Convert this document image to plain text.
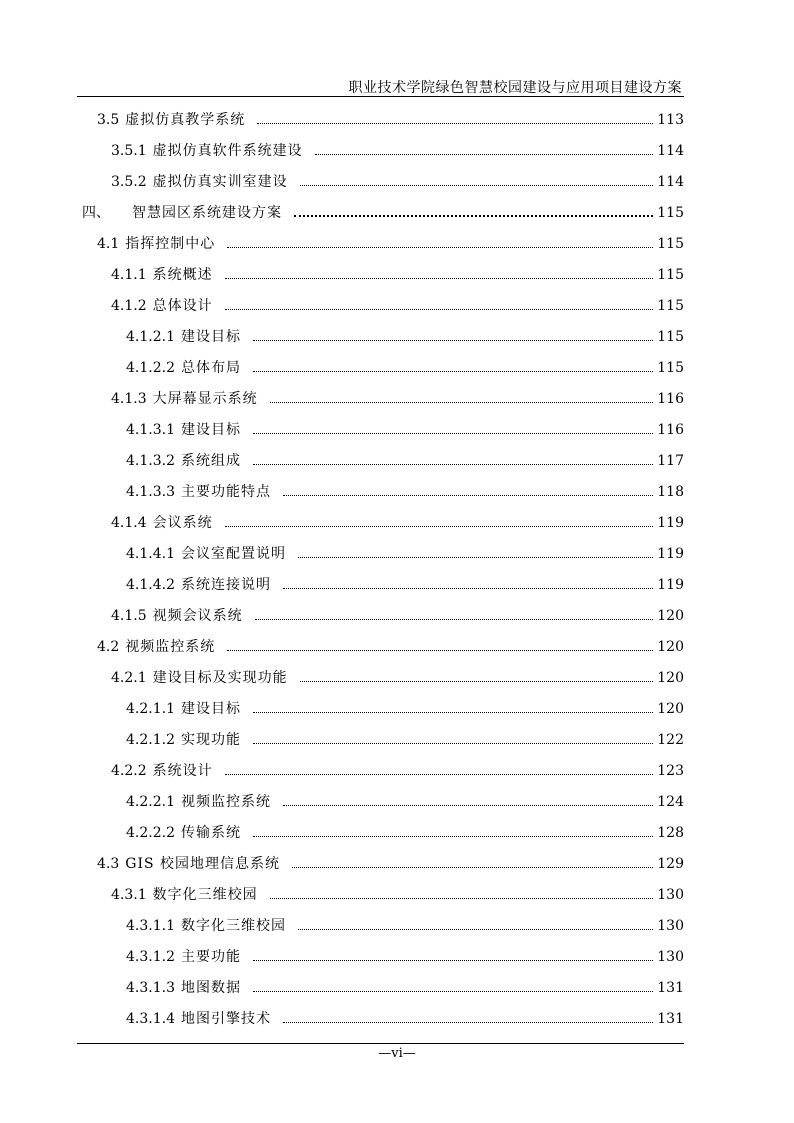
职业技术学院绿色智慧校园建设与应用项目建设方案
3.5 虚拟仿真教学系统	113
3.5.1 虚拟仿真软件系统建设	114
3.5.2 虚拟仿真实训室建设	114
四、 智慧园区系统建设方案	115
4.1 指挥控制中心	115
4.1.1 系统概述	115
4.1.2 总体设计	115
4.1.2.1 建设目标	115
4.1.2.2 总体布局	115
4.1.3 大屏幕显示系统	116
4.1.3.1 建设目标	116
4.1.3.2 系统组成	117
4.1.3.3 主要功能特点	118
4.1.4 会议系统	119
4.1.4.1 会议室配置说明	119
4.1.4.2 系统连接说明	119
4.1.5 视频会议系统	120
4.2 视频监控系统	120
4.2.1 建设目标及实现功能	120
4.2.1.1 建设目标	120
4.2.1.2 实现功能	122
4.2.2 系统设计	123
4.2.2.1 视频监控系统	124
4.2.2.2 传输系统	128
4.3 GIS 校园地理信息系统	129
4.3.1 数字化三维校园	130
4.3.1.1 数字化三维校园	130
4.3.1.2 主要功能	130
4.3.1.3 地图数据	131
4.3.1.4 地图引擎技术	131
—vi—
